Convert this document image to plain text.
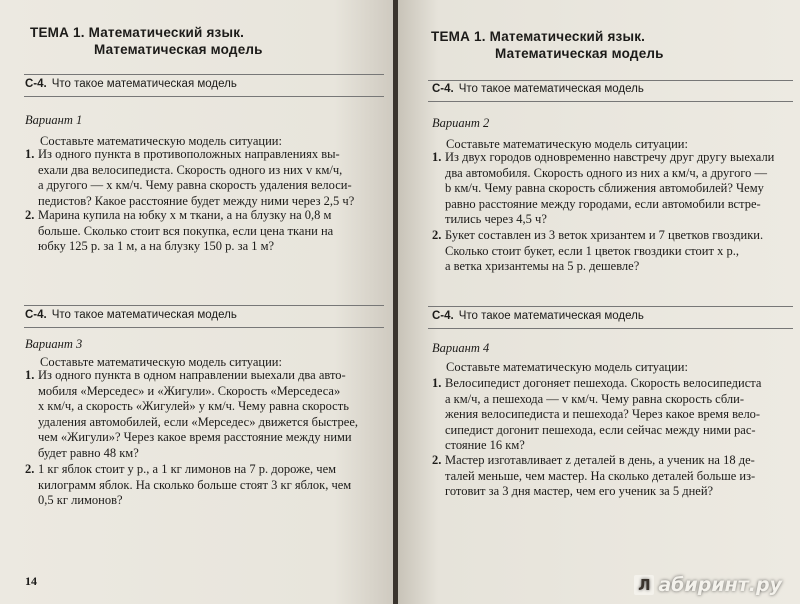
ТЕМА 1. Математический язык.
Математическая модель
С-4. Что такое математическая модель
Вариант 1
Составьте математическую модель ситуации:
1. Из одного пункта в противоположных направлениях вы-
ехали два велосипедиста. Скорость одного из них v км/ч,
а другого — x км/ч. Чему равна скорость удаления велоси-
педистов? Какое расстояние будет между ними через 2,5 ч?
2. Марина купила на юбку x м ткани, а на блузку на 0,8 м
больше. Сколько стоит вся покупка, если цена ткани на
юбку 125 р. за 1 м, а на блузку 150 р. за 1 м?
С-4. Что такое математическая модель
Вариант 3
Составьте математическую модель ситуации:
1. Из одного пункта в одном направлении выехали два авто-
мобиля «Мерседес» и «Жигули». Скорость «Мерседеса»
x км/ч, а скорость «Жигулей» y км/ч. Чему равна скорость
удаления автомобилей, если «Мерседес» движется быстрее,
чем «Жигули»? Через какое время расстояние между ними
будет равно 48 км?
2. 1 кг яблок стоит y р., а 1 кг лимонов на 7 р. дороже, чем
килограмм яблок. На сколько больше стоят 3 кг яблок, чем
0,5 кг лимонов?
14
ТЕМА 1. Математический язык.
Математическая модель
С-4. Что такое математическая модель
Вариант 2
Составьте математическую модель ситуации:
1. Из двух городов одновременно навстречу друг другу выехали
два автомобиля. Скорость одного из них a км/ч, а другого —
b км/ч. Чему равна скорость сближения автомобилей? Чему
равно расстояние между городами, если автомобили встре-
тились через 4,5 ч?
2. Букет составлен из 3 веток хризантем и 7 цветков гвоздики.
Сколько стоит букет, если 1 цветок гвоздики стоит x р.,
а ветка хризантемы на 5 р. дешевле?
С-4. Что такое математическая модель
Вариант 4
Составьте математическую модель ситуации:
1. Велосипедист догоняет пешехода. Скорость велосипедиста
a км/ч, а пешехода — v км/ч. Чему равна скорость сбли-
жения велосипедиста и пешехода? Через какое время вело-
сипедист догонит пешехода, если сейчас между ними рас-
стояние 16 км?
2. Мастер изготавливает z деталей в день, а ученик на 18 де-
талей меньше, чем мастер. На сколько деталей больше из-
готовит за 3 дня мастер, чем его ученик за 5 дней?
Л абиринт.ру
